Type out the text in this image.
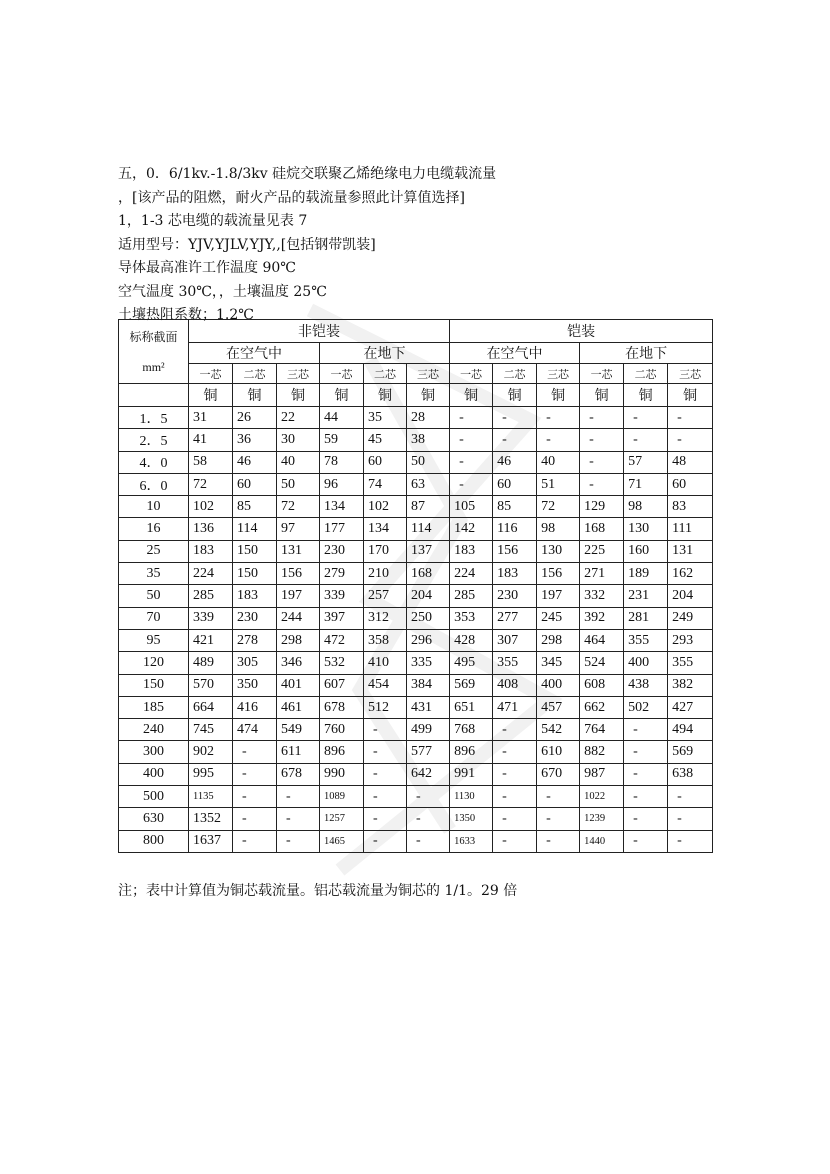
五，0．6/1kv.-1.8/3kv 硅烷交联聚乙烯绝缘电力电缆载流量

，[该产品的阻燃，耐火产品的载流量参照此计算值选择]

1，1-3 芯电缆的载流量见表 7

适用型号：YJV,YJLV,YJY,,[包括钢带凯装]

导体最高准许工作温度 90℃

空气温度 30℃，，土壤温度 25℃

土壤热阻系数；1.2℃

标称截面

mm²	非铠装						铠装					
	在空气中			在地下			在空气中			在地下		
	一芯	二芯	三芯	一芯	二芯	三芯	一芯	二芯	三芯	一芯	二芯	三芯
	铜	铜	铜	铜	铜	铜	铜	铜	铜	铜	铜	铜
1．5	31	26	22	44	35	28	-	-	-	-	-	-
2．5	41	36	30	59	45	38	-	-	-	-	-	-
4．0	58	46	40	78	60	50	-	46	40	-	57	48
6．0	72	60	50	96	74	63	-	60	51	-	71	60
10	102	85	72	134	102	87	105	85	72	129	98	83
16	136	114	97	177	134	114	142	116	98	168	130	111
25	183	150	131	230	170	137	183	156	130	225	160	131
35	224	150	156	279	210	168	224	183	156	271	189	162
50	285	183	197	339	257	204	285	230	197	332	231	204
70	339	230	244	397	312	250	353	277	245	392	281	249
95	421	278	298	472	358	296	428	307	298	464	355	293
120	489	305	346	532	410	335	495	355	345	524	400	355
150	570	350	401	607	454	384	569	408	400	608	438	382
185	664	416	461	678	512	431	651	471	457	662	502	427
240	745	474	549	760	-	499	768	-	542	764	-	494
300	902	-	611	896	-	577	896	-	610	882	-	569
400	995	-	678	990	-	642	991	-	670	987	-	638
500	1135	-	-	1089	-	-	1130	-	-	1022	-	-
630	1352	-	-	1257	-	-	1350	-	-	1239	-	-
800	1637	-	-	1465	-	-	1633	-	-	1440	-	-

注；表中计算值为铜芯载流量。铝芯载流量为铜芯的 1/1。29 倍
